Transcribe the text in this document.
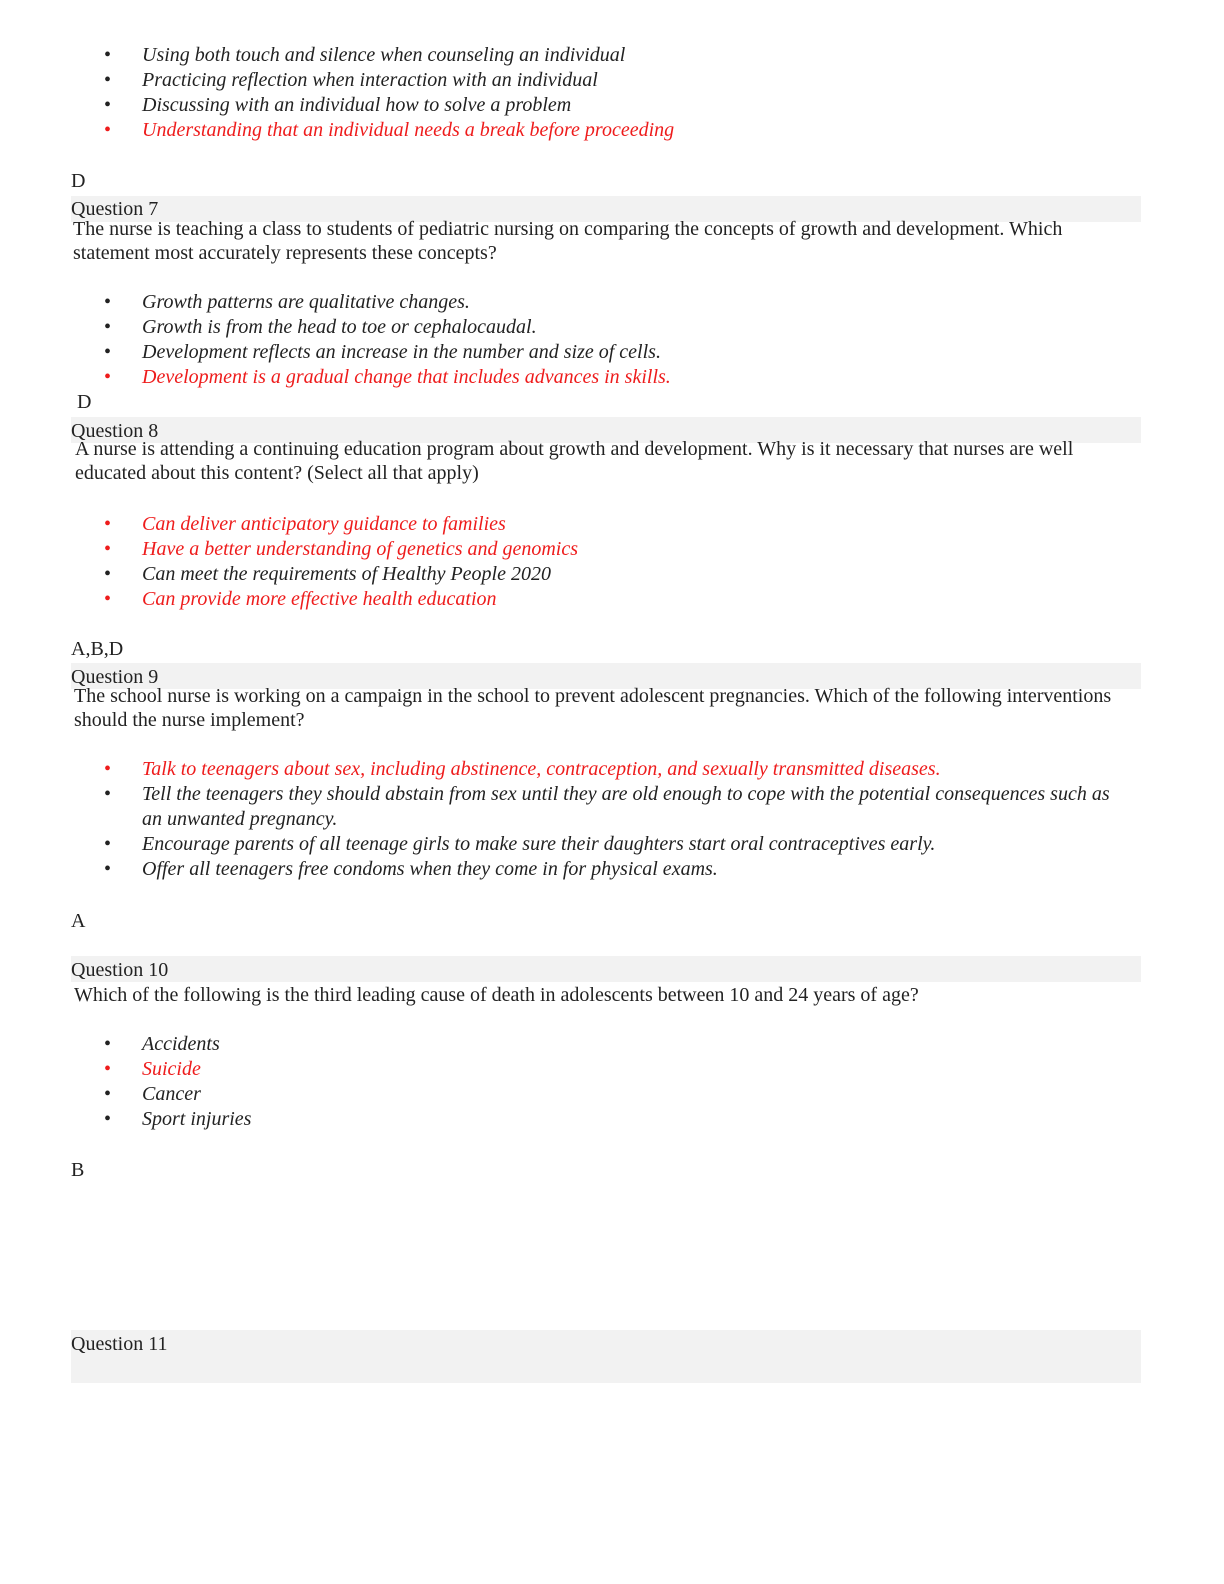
• Using both touch and silence when counseling an individual
• Practicing reflection when interaction with an individual
• Discussing with an individual how to solve a problem
• Understanding that an individual needs a break before proceeding
D
Question 7
The nurse is teaching a class to students of pediatric nursing on comparing the concepts of growth and development. Which statement most accurately represents these concepts?
• Growth patterns are qualitative changes.
• Growth is from the head to toe or cephalocaudal.
• Development reflects an increase in the number and size of cells.
• Development is a gradual change that includes advances in skills.
D
Question 8
A nurse is attending a continuing education program about growth and development. Why is it necessary that nurses are well educated about this content? (Select all that apply)
• Can deliver anticipatory guidance to families
• Have a better understanding of genetics and genomics
• Can meet the requirements of Healthy People 2020
• Can provide more effective health education
A,B,D
Question 9
The school nurse is working on a campaign in the school to prevent adolescent pregnancies. Which of the following interventions should the nurse implement?
• Talk to teenagers about sex, including abstinence, contraception, and sexually transmitted diseases.
• Tell the teenagers they should abstain from sex until they are old enough to cope with the potential consequences such as an unwanted pregnancy.
• Encourage parents of all teenage girls to make sure their daughters start oral contraceptives early.
• Offer all teenagers free condoms when they come in for physical exams.
A
Question 10
Which of the following is the third leading cause of death in adolescents between 10 and 24 years of age?
• Accidents
• Suicide
• Cancer
• Sport injuries
B
Question 11
